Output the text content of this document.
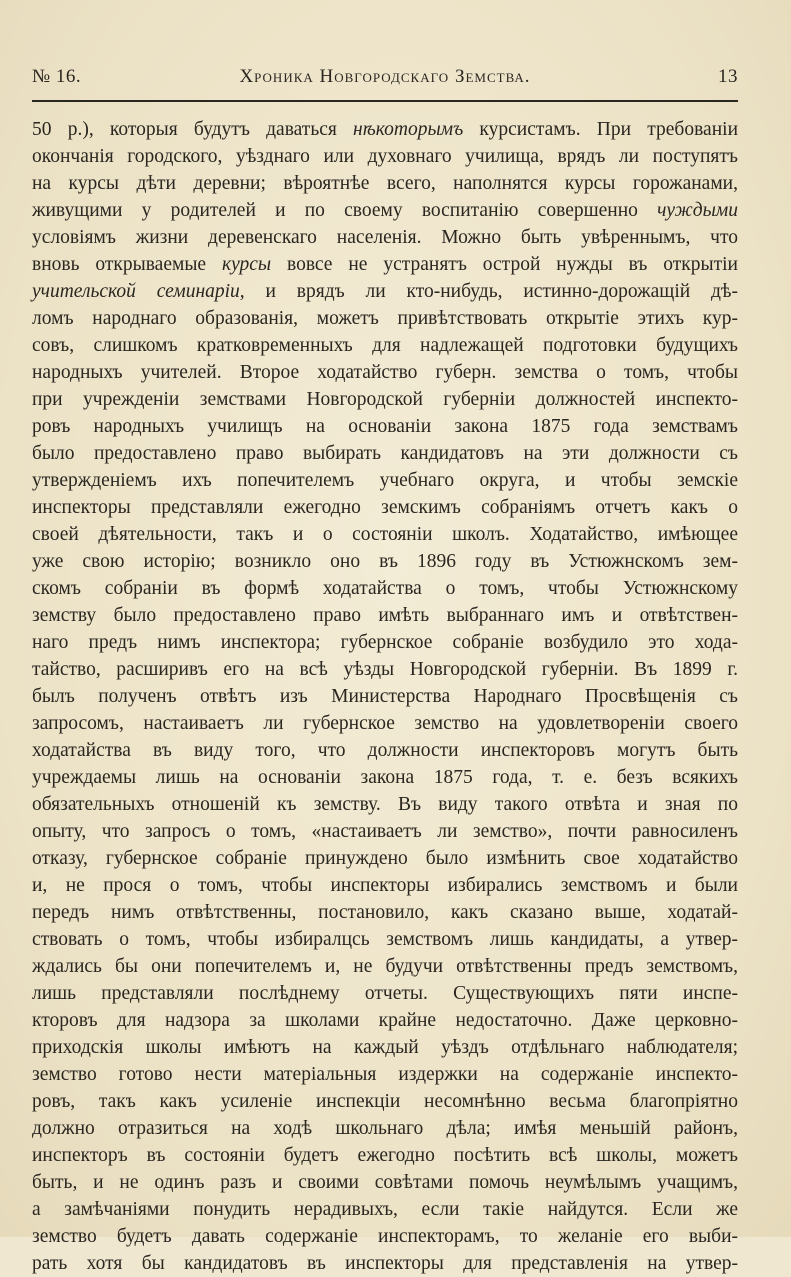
№ 16.	Хроника Новгородскаго Земства.	13
50 р.), которыя будутъ даваться нѣкоторымъ курсистамъ. При требованіи
окончанія городского, уѣзднаго или духовнаго училища, врядъ ли поступятъ
на курсы дѣти деревни; вѣроятнѣе всего, наполнятся курсы горожанами,
живущими у родителей и по своему воспитанію совершенно чуждыми
условіямъ жизни деревенскаго населенія. Можно быть увѣреннымъ, что
вновь открываемые курсы вовсе не устранятъ острой нужды въ открытіи
учительской семинаріи, и врядъ ли кто-нибудь, истинно-дорожащій дѣ-
ломъ народнаго образованія, можетъ привѣтствовать открытіе этихъ кур-
совъ, слишкомъ кратковременныхъ для надлежащей подготовки будущихъ
народныхъ учителей. Второе ходатайство губерн. земства о томъ, чтобы
при учрежденіи земствами Новгородской губерніи должностей инспекто-
ровъ народныхъ училищъ на основаніи закона 1875 года земствамъ
было предоставлено право выбирать кандидатовъ на эти должности съ
утвержденіемъ ихъ попечителемъ учебнаго округа, и чтобы земскіе
инспекторы представляли ежегодно земскимъ собраніямъ отчетъ какъ о
своей дѣятельности, такъ и о состояніи школъ. Ходатайство, имѣющее
уже свою исторію; возникло оно въ 1896 году въ Устюжнскомъ зем-
скомъ собраніи въ формѣ ходатайства о томъ, чтобы Устюжнскому
земству было предоставлено право имѣть выбраннаго имъ и отвѣтствен-
наго предъ нимъ инспектора; губернское собраніе возбудило это хода-
тайство, расширивъ его на всѣ уѣзды Новгородской губерніи. Въ 1899 г.
былъ полученъ отвѣтъ изъ Министерства Народнаго Просвѣщенія съ
запросомъ, настаиваетъ ли губернское земство на удовлетвореніи своего
ходатайства въ виду того, что должности инспекторовъ могутъ быть
учреждаемы лишь на основаніи закона 1875 года, т. е. безъ всякихъ
обязательныхъ отношеній къ земству. Въ виду такого отвѣта и зная по
опыту, что запросъ о томъ, «настаиваетъ ли земство», почти равносиленъ
отказу, губернское собраніе принуждено было измѣнить свое ходатайство
и, не прося о томъ, чтобы инспекторы избирались земствомъ и были
передъ нимъ отвѣтственны, постановило, какъ сказано выше, ходатай-
ствовать о томъ, чтобы избиралцсь земствомъ лишь кандидаты, а утвер-
ждались бы они попечителемъ и, не будучи отвѣтственны предъ земствомъ,
лишь представляли послѣднему отчеты. Существующихъ пяти инспе-
кторовъ для надзора за школами крайне недостаточно. Даже церковно-
приходскія школы имѣютъ на каждый уѣздъ отдѣльнаго наблюдателя;
земство готово нести матеріальныя издержки на содержаніе инспекто-
ровъ, такъ какъ усиленіе инспекціи несомнѣнно весьма благопріятно
должно отразиться на ходѣ школьнаго дѣла; имѣя меньшій районъ,
инспекторъ въ состояніи будетъ ежегодно посѣтить всѣ школы, можетъ
быть, и не одинъ разъ и своими совѣтами помочь неумѣлымъ учащимъ,
а замѣчаніями понудить нерадивыхъ, если такіе найдутся. Если же
земство будетъ давать содержаніе инспекторамъ, то желаніе его выби-
рать хотя бы кандидатовъ въ инспекторы для представленія на утвер-
